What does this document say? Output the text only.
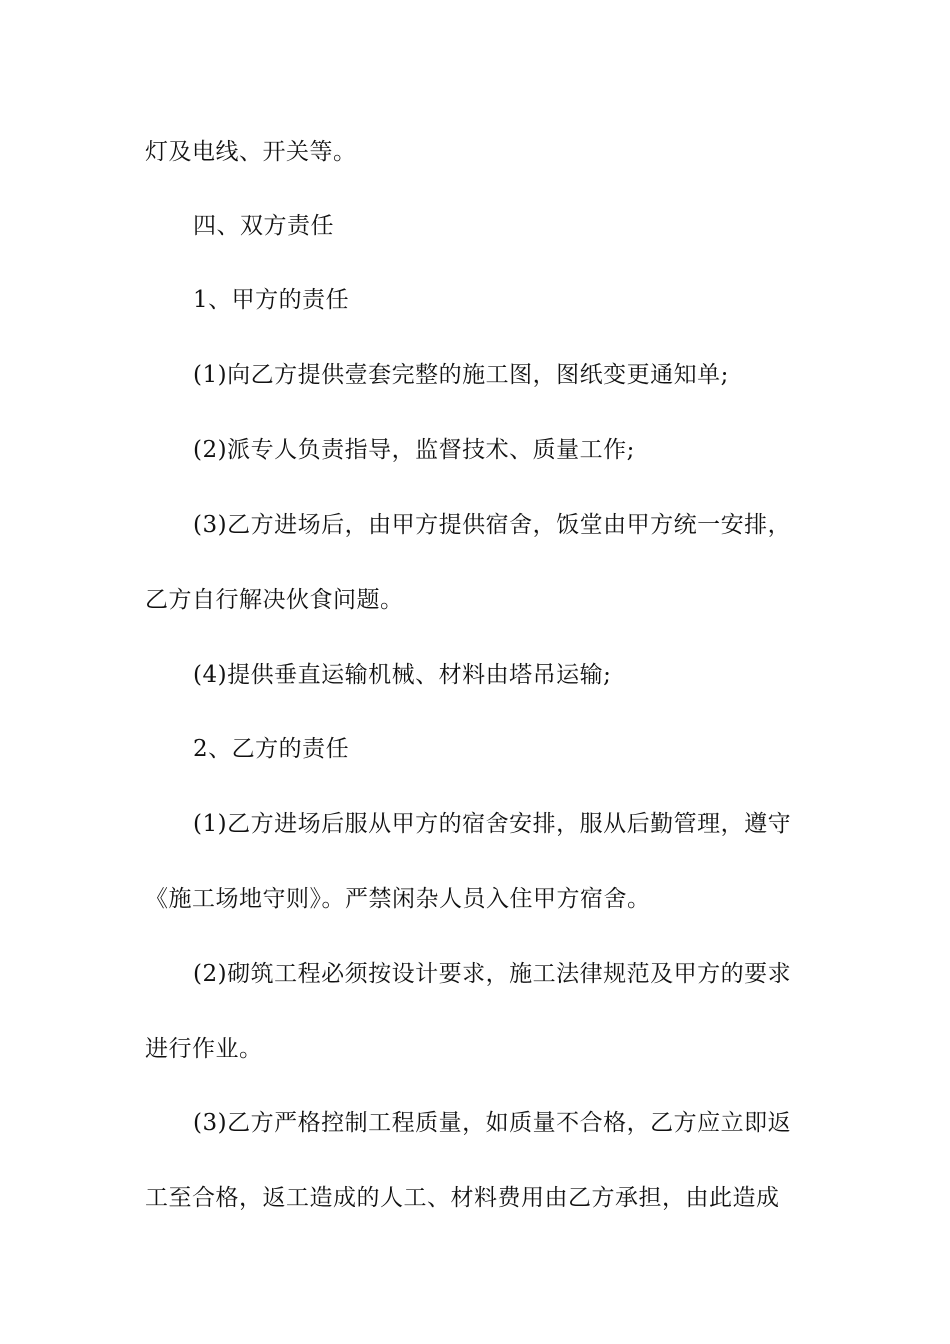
灯及电线、开关等。
四、双方责任
1、甲方的责任
(1)向乙方提供壹套完整的施工图，图纸变更通知单;
(2)派专人负责指导，监督技术、质量工作;
(3)乙方进场后，由甲方提供宿舍，饭堂由甲方统一安排，
乙方自行解决伙食问题。
(4)提供垂直运输机械、材料由塔吊运输;
2、乙方的责任
(1)乙方进场后服从甲方的宿舍安排，服从后勤管理，遵守
《施工场地守则》。严禁闲杂人员入住甲方宿舍。
(2)砌筑工程必须按设计要求，施工法律规范及甲方的要求
进行作业。
(3)乙方严格控制工程质量，如质量不合格，乙方应立即返
工至合格，返工造成的人工、材料费用由乙方承担，由此造成
